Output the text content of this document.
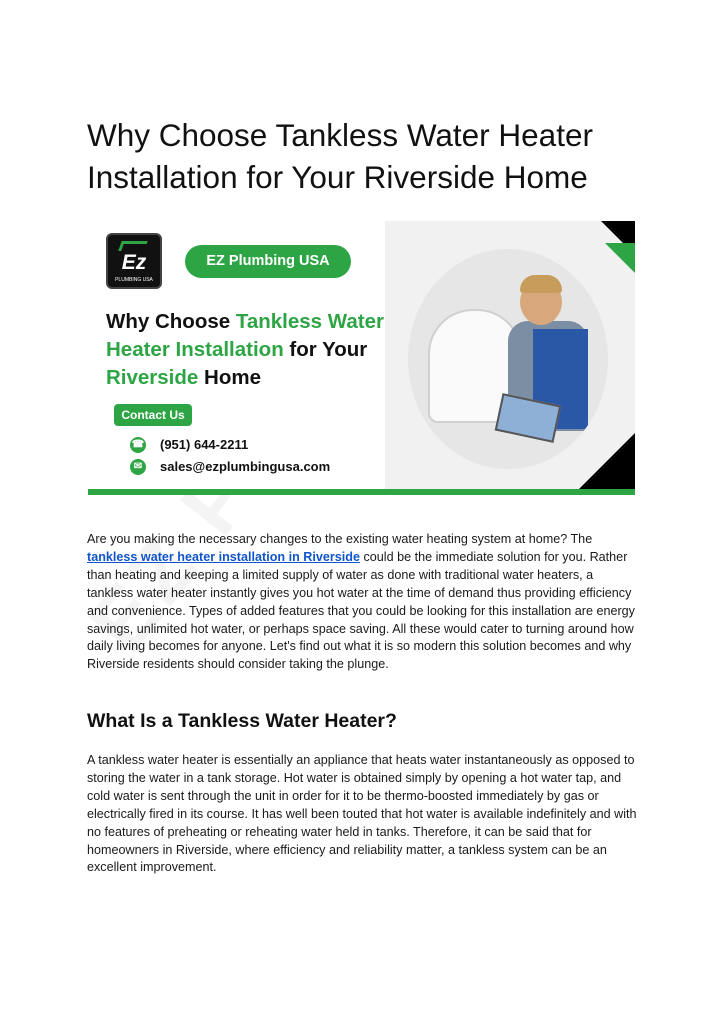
Why Choose Tankless Water Heater Installation for Your Riverside Home
Ez
PLUMBING USA
EZ Plumbing USA
Why Choose Tankless Water Heater Installation for Your Riverside Home
Contact Us
☎ (951) 644-2211
✉ sales@ezplumbingusa.com

Are you making the necessary changes to the existing water heating system at home? The tankless water heater installation in Riverside could be the immediate solution for you. Rather than heating and keeping a limited supply of water as done with traditional water heaters, a tankless water heater instantly gives you hot water at the time of demand thus providing efficiency and convenience. Types of added features that you could be looking for this installation are energy savings, unlimited hot water, or perhaps space saving. All these would cater to turning around how daily living becomes for anyone. Let's find out what it is so modern this solution becomes and why Riverside residents should consider taking the plunge.

What Is a Tankless Water Heater?

A tankless water heater is essentially an appliance that heats water instantaneously as opposed to storing the water in a tank storage. Hot water is obtained simply by opening a hot water tap, and cold water is sent through the unit in order for it to be thermo-boosted immediately by gas or electrically fired in its course. It has well been touted that hot water is available indefinitely and with no features of preheating or reheating water held in tanks. Therefore, it can be said that for homeowners in Riverside, where efficiency and reliability matter, a tankless system can be an excellent improvement.
